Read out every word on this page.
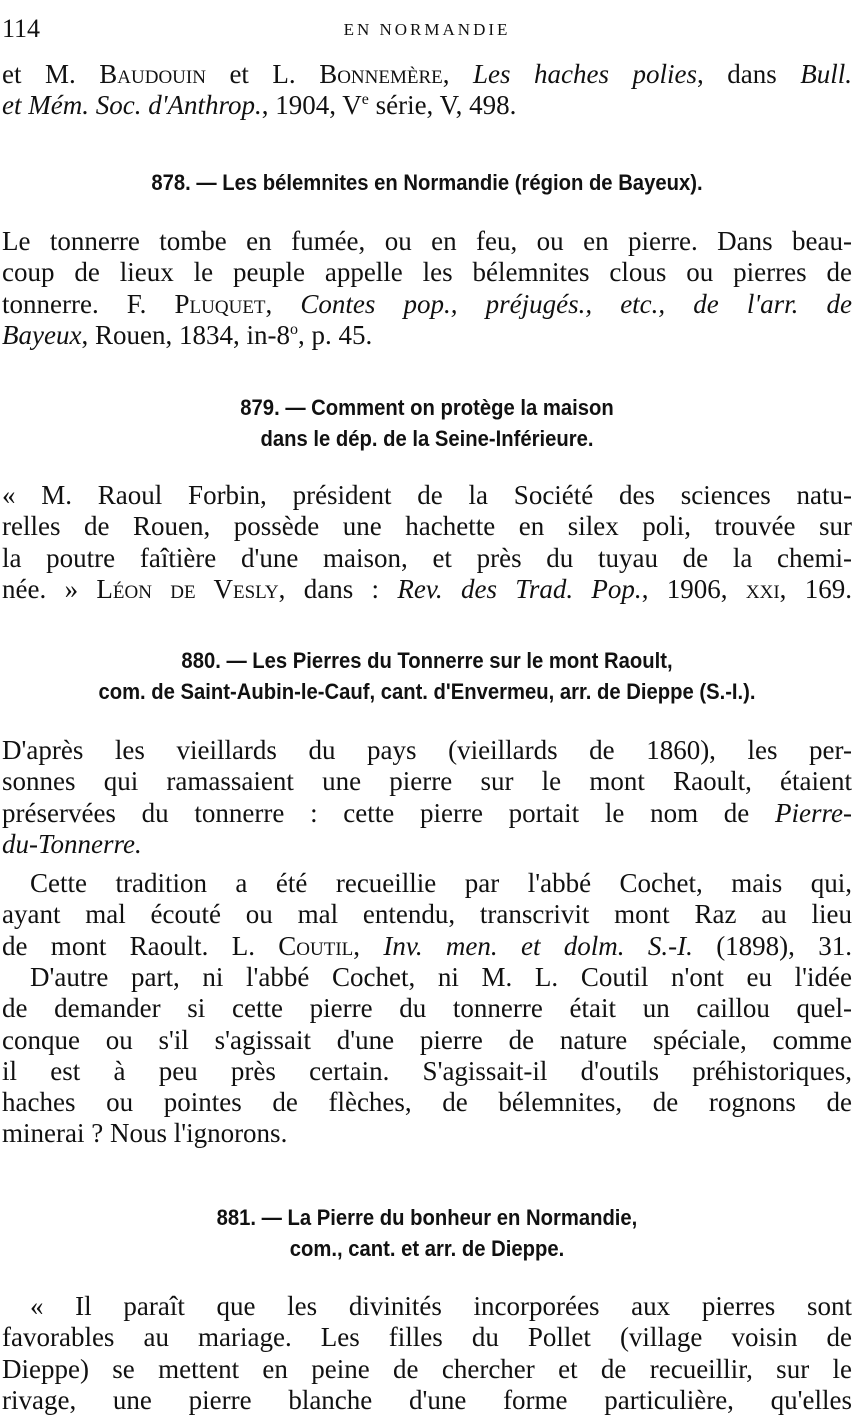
114	EN NORMANDIE

et M. Baudouin et L. Bonnemère, Les haches polies, dans Bull.
et Mém. Soc. d'Anthrop., 1904, Ve série, V, 498.

878. — Les bélemnites en Normandie (région de Bayeux).

Le tonnerre tombe en fumée, ou en feu, ou en pierre. Dans beau-
coup de lieux le peuple appelle les bélemnites clous ou pierres de
tonnerre. F. Pluquet, Contes pop., préjugés., etc., de l'arr. de
Bayeux, Rouen, 1834, in-8$^o$, p. 45.

879. — Comment on protège la maison
dans le dép. de la Seine-Inférieure.

« M. Raoul Forbin, président de la Société des sciences natu-
relles de Rouen, possède une hachette en silex poli, trouvée sur
la poutre faîtière d'une maison, et près du tuyau de la chemi-
née. » Léon de Vesly, dans : Rev. des Trad. Pop., 1906, xxi, 169.

880. — Les Pierres du Tonnerre sur le mont Raoult,
com. de Saint-Aubin-le-Cauf, cant. d'Envermeu, arr. de Dieppe (S.-I.).

D'après les vieillards du pays (vieillards de 1860), les per-
sonnes qui ramassaient une pierre sur le mont Raoult, étaient
préservées du tonnerre : cette pierre portait le nom de Pierre-
du-Tonnerre.

Cette tradition a été recueillie par l'abbé Cochet, mais qui,
ayant mal écouté ou mal entendu, transcrivit mont Raz au lieu
de mont Raoult. L. Coutil, Inv. men. et dolm. S.-I. (1898), 31.

D'autre part, ni l'abbé Cochet, ni M. L. Coutil n'ont eu l'idée
de demander si cette pierre du tonnerre était un caillou quel-
conque ou s'il s'agissait d'une pierre de nature spéciale, comme
il est à peu près certain. S'agissait-il d'outils préhistoriques,
haches ou pointes de flèches, de bélemnites, de rognons de
minerai ? Nous l'ignorons.

881. — La Pierre du bonheur en Normandie,
com., cant. et arr. de Dieppe.

« Il paraît que les divinités incorporées aux pierres sont
favorables au mariage. Les filles du Pollet (village voisin de
Dieppe) se mettent en peine de chercher et de recueillir, sur le
rivage, une pierre blanche d'une forme particulière, qu'elles
